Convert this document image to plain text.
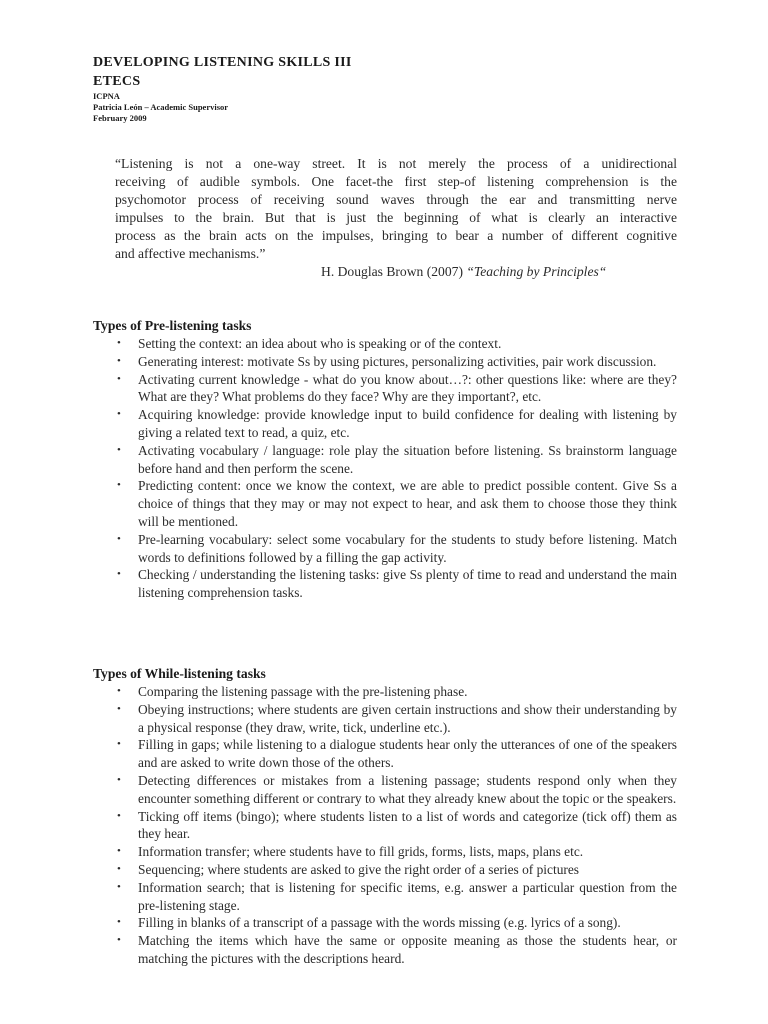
DEVELOPING LISTENING SKILLS III
ETECS
ICPNA
Patricia León – Academic Supervisor
February 2009
“Listening is not a one-way street. It is not merely the process of a unidirectional
receiving of audible symbols. One facet-the first step-of listening comprehension is the
psychomotor process of receiving sound waves through the ear and transmitting nerve
impulses to the brain. But that is just the beginning of what is clearly an interactive
process as the brain acts on the impulses, bringing to bear a number of different cognitive
and affective mechanisms.”
H. Douglas Brown (2007) “Teaching by Principles“
Types of Pre-listening tasks
• Setting the context: an idea about who is speaking or of the context.
• Generating interest: motivate Ss by using pictures, personalizing activities, pair work discussion.
• Activating current knowledge - what do you know about…?: other questions like: where are they? What are they? What problems do they face? Why are they important?, etc.
• Acquiring knowledge: provide knowledge input to build confidence for dealing with listening by giving a related text to read, a quiz, etc.
• Activating vocabulary / language: role play the situation before listening. Ss brainstorm language before hand and then perform the scene.
• Predicting content: once we know the context, we are able to predict possible content. Give Ss a choice of things that they may or may not expect to hear, and ask them to choose those they think will be mentioned.
• Pre-learning vocabulary: select some vocabulary for the students to study before listening. Match words to definitions followed by a filling the gap activity.
• Checking / understanding the listening tasks: give Ss plenty of time to read and understand the main listening comprehension tasks.
Types of While-listening tasks
• Comparing the listening passage with the pre-listening phase.
• Obeying instructions; where students are given certain instructions and show their understanding by a physical response (they draw, write, tick, underline etc.).
• Filling in gaps; while listening to a dialogue students hear only the utterances of one of the speakers and are asked to write down those of the others.
• Detecting differences or mistakes from a listening passage; students respond only when they encounter something different or contrary to what they already knew about the topic or the speakers.
• Ticking off items (bingo); where students listen to a list of words and categorize (tick off) them as they hear.
• Information transfer; where students have to fill grids, forms, lists, maps, plans etc.
• Sequencing; where students are asked to give the right order of a series of pictures
• Information search; that is listening for specific items, e.g. answer a particular question from the pre-listening stage.
• Filling in blanks of a transcript of a passage with the words missing (e.g. lyrics of a song).
• Matching the items which have the same or opposite meaning as those the students hear, or matching the pictures with the descriptions heard.
